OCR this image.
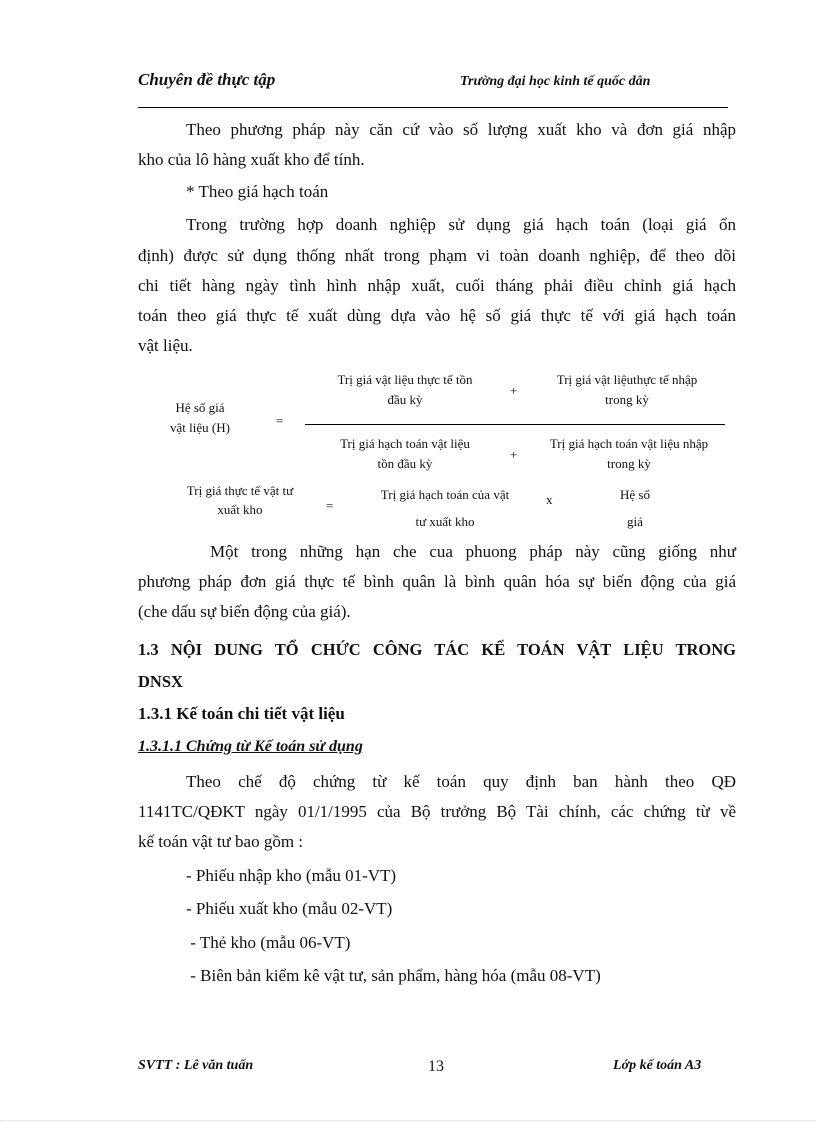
Chuyên đề thực tập	Trường đại học kinh tế quốc dân
Theo phương pháp này căn cứ vào số lượng xuất kho và đơn giá nhập
kho của lô hàng xuất kho để tính.
* Theo giá hạch toán
Trong trường hợp doanh nghiệp sử dụng giá hạch toán (loại giá ổn
định) được sử dụng thống nhất trong phạm vi toàn doanh nghiệp, để theo dõi
chi tiết hàng ngày tình hình nhập xuất, cuối tháng phải điều chỉnh giá hạch
toán theo giá thực tế xuất dùng dựa vào hệ số giá thực tế với giá hạch toán
vật liệu.
Hệ số giá
vật liệu (H)	=
Trị giá vật liệu thực tế tồn
đầu kỳ
+
Trị giá vật liệuthực tế nhập
trong kỳ
Trị giá hạch toán vật liệu
tồn đầu kỳ
+
Trị giá hạch toán vật liệu nhập
trong kỳ
Trị giá thực tế vật tư
xuất kho	=
Trị giá hạch toán của vật
tư xuất kho
x	Hệ số
giá
Một trong những hạn che cua phuong pháp này cũng giống như
phương pháp đơn giá thực tế bình quân là bình quân hóa sự biến động của giá
(che dấu sự biến động của giá).
1.3 NỘI DUNG TỔ CHỨC CÔNG TÁC KẾ TOÁN VẬT LIỆU TRONG
DNSX
1.3.1 Kế toán chi tiết vật liệu
1.3.1.1 Chứng từ Kế toán sử dụng
Theo chế độ chứng từ kế toán quy định ban hành theo QĐ
1141TC/QĐKT ngày 01/1/1995 của Bộ trưởng Bộ Tài chính, các chứng từ về
kế toán vật tư bao gồm :
- Phiếu nhập kho (mẫu 01-VT)
- Phiếu xuất kho (mẫu 02-VT)
- Thẻ kho (mẫu 06-VT)
- Biên bản kiểm kê vật tư, sản phẩm, hàng hóa (mẫu 08-VT)
SVTT : Lê văn tuấn	13	Lớp kế toán A3
